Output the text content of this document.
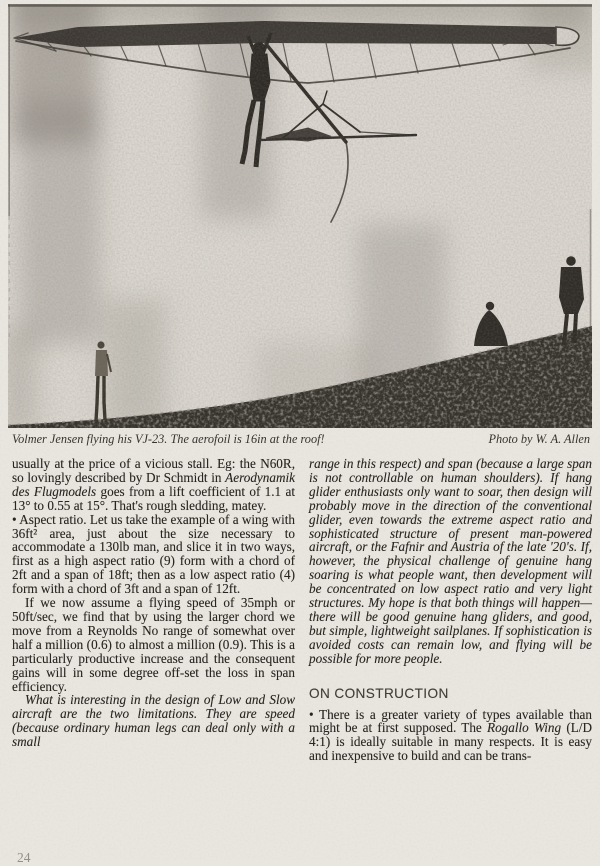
Volmer Jensen flying his VJ-23. The aerofoil is 16in at the roof!	Photo by W. A. Allen

usually at the price of a vicious stall. Eg: the N60R, so lovingly described by Dr Schmidt in Aerodynamik des Flugmodels goes from a lift coefficient of 1.1 at 13° to 0.55 at 15°. That's rough sledding, matey.

• Aspect ratio. Let us take the example of a wing with 36ft² area, just about the size necessary to accommodate a 130lb man, and slice it in two ways, first as a high aspect ratio (9) form with a chord of 2ft and a span of 18ft; then as a low aspect ratio (4) form with a chord of 3ft and a span of 12ft.

If we now assume a flying speed of 35mph or 50ft/sec, we find that by using the larger chord we move from a Reynolds No range of somewhat over half a million (0.6) to almost a million (0.9). This is a particularly productive increase and the consequent gains will in some degree off-set the loss in span efficiency.

What is interesting in the design of Low and Slow aircraft are the two limitations. They are speed (because ordinary human legs can deal only with a small

range in this respect) and span (because a large span is not controllable on human shoulders). If hang glider enthusiasts only want to soar, then design will probably move in the direction of the conventional glider, even towards the extreme aspect ratio and sophisticated structure of present man-powered aircraft, or the Fafnir and Austria of the late '20's. If, however, the physical challenge of genuine hang soaring is what people want, then development will be concentrated on low aspect ratio and very light structures. My hope is that both things will happen—there will be good genuine hang gliders, and good, but simple, lightweight sailplanes. If sophistication is avoided costs can remain low, and flying will be possible for more people.

ON CONSTRUCTION

• There is a greater variety of types available than might be at first supposed. The Rogallo Wing (L/D 4:1) is ideally suitable in many respects. It is easy and inexpensive to build and can be trans-

24
